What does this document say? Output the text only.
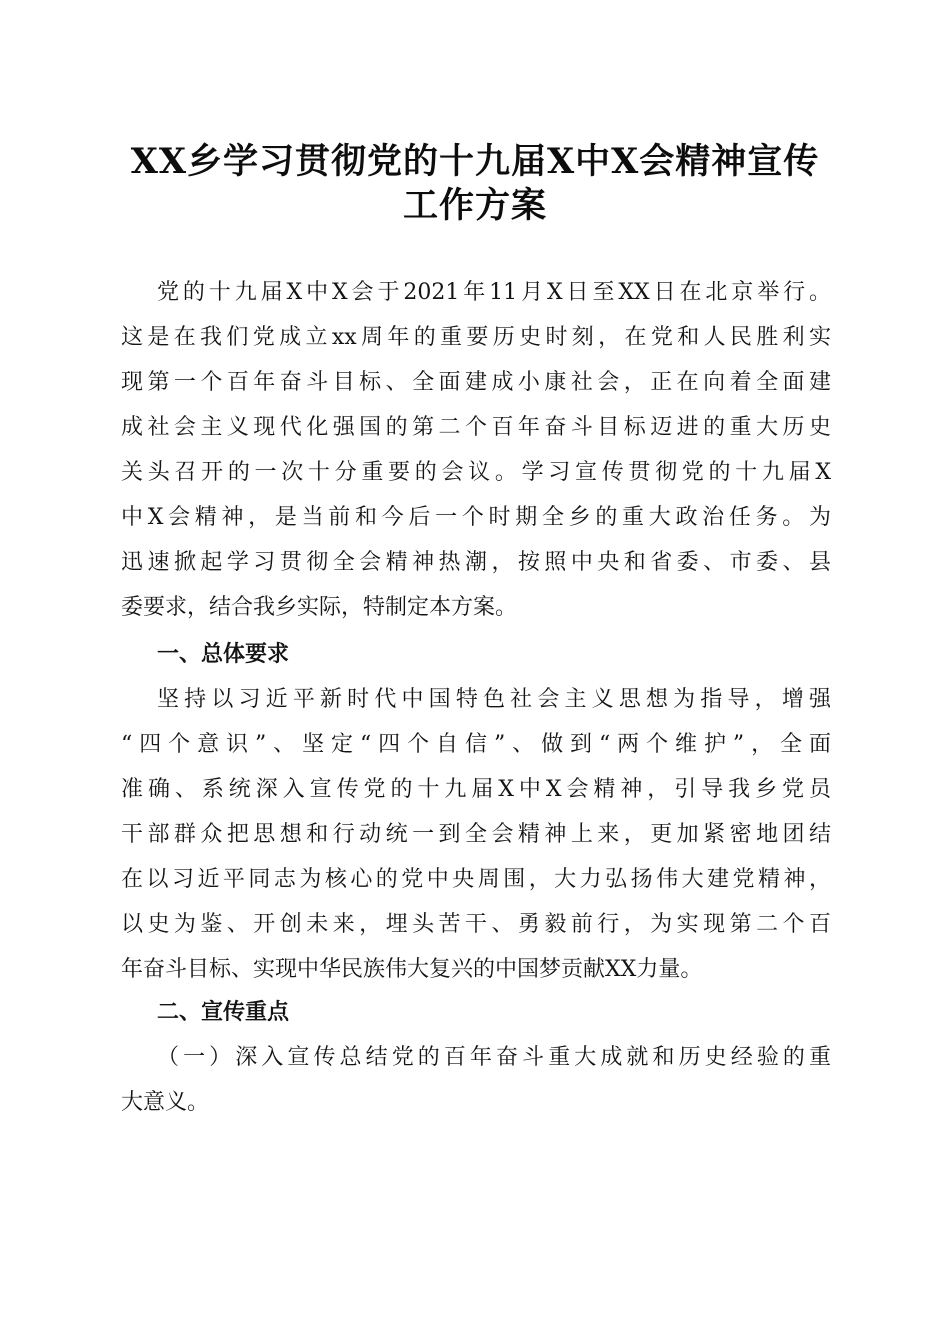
XX乡学习贯彻党的十九届X中X会精神宣传
工作方案
党的十九届X中X会于2021年11月X日至XX日在北京举行。
这是在我们党成立xx周年的重要历史时刻，在党和人民胜利实
现第一个百年奋斗目标、全面建成小康社会，正在向着全面建
成社会主义现代化强国的第二个百年奋斗目标迈进的重大历史
关头召开的一次十分重要的会议。学习宣传贯彻党的十九届X
中X会精神，是当前和今后一个时期全乡的重大政治任务。为
迅速掀起学习贯彻全会精神热潮，按照中央和省委、市委、县
委要求，结合我乡实际，特制定本方案。
一、总体要求
坚持以习近平新时代中国特色社会主义思想为指导，增强
“四个意识”、坚定“四个自信”、做到“两个维护”，全面
准确、系统深入宣传党的十九届X中X会精神，引导我乡党员
干部群众把思想和行动统一到全会精神上来，更加紧密地团结
在以习近平同志为核心的党中央周围，大力弘扬伟大建党精神，
以史为鉴、开创未来，埋头苦干、勇毅前行，为实现第二个百
年奋斗目标、实现中华民族伟大复兴的中国梦贡献XX力量。
二、宣传重点
（一）深入宣传总结党的百年奋斗重大成就和历史经验的重
大意义。
